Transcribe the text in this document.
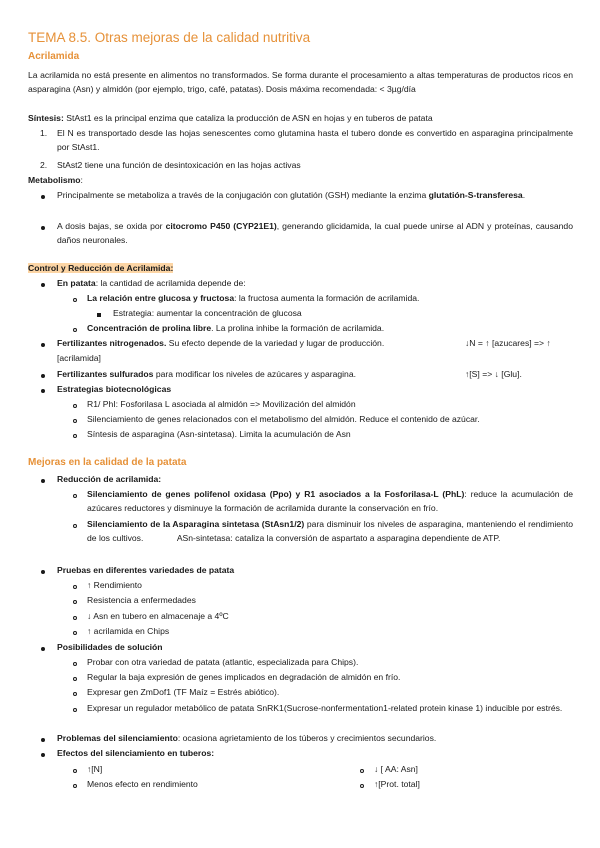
TEMA 8.5. Otras mejoras de la calidad nutritiva
Acrilamida
La acrilamida no está presente en alimentos no transformados. Se forma durante el procesamiento a altas temperaturas de productos ricos en asparagina (Asn) y almidón (por ejemplo, trigo, café, patatas). Dosis máxima recomendada: < 3µg/día
Síntesis: StAst1 es la principal enzima que cataliza la producción de ASN en hojas y en tuberos de patata
1. El N es transportado desde las hojas senescentes como glutamina hasta el tubero donde es convertido en asparagina principalmente por StAst1.
2. StAst2 tiene una función de desintoxicación en las hojas activas
Metabolismo:
Principalmente se metaboliza a través de la conjugación con glutatión (GSH) mediante la enzima glutatión-S-transferesa.
A dosis bajas, se oxida por citocromo P450 (CYP21E1), generando glicidamida, la cual puede unirse al ADN y proteínas, causando daños neuronales.
Control y Reducción de Acrilamida:
En patata: la cantidad de acrilamida depende de:
La relación entre glucosa y fructosa: la fructosa aumenta la formación de acrilamida.
Estrategia: aumentar la concentración de glucosa
Concentración de prolina libre. La prolina inhibe la formación de acrilamida.
Fertilizantes nitrogenados. Su efecto depende de la variedad y lugar de producción.	↓N = ↑ [azucares] => ↑
[acrilamida]
Fertilizantes sulfurados para modificar los niveles de azúcares y asparagina.	↑[S] => ↓ [Glu].
Estrategias biotecnológicas
R1/ PhI: Fosforilasa L asociada al almidón => Movilización del almidón
Silenciamiento de genes relacionados con el metabolismo del almidón. Reduce el contenido de azúcar.
Síntesis de asparagina (Asn-sintetasa). Limita la acumulación de Asn
Mejoras en la calidad de la patata
Reducción de acrilamida:
Silenciamiento de genes polifenol oxidasa (Ppo) y R1 asociados a la Fosforilasa-L (PhL): reduce la acumulación de azúcares reductores y disminuye la formación de acrilamida durante la conservación en frío.
Silenciamiento de la Asparagina sintetasa (StAsn1/2) para disminuir los niveles de asparagina, manteniendo el rendimiento de los cultivos.	ASn-sintetasa: cataliza la conversión de aspartato a asparagina dependiente de ATP.
Pruebas en diferentes variedades de patata
↑ Rendimiento
Resistencia a enfermedades
↓ Asn en tubero en almacenaje a 4ºC
↑ acrilamida en Chips
Posibilidades de solución
Probar con otra variedad de patata (atlantic, especializada para Chips).
Regular la baja expresión de genes implicados en degradación de almidón en frío.
Expresar gen ZmDof1 (TF Maíz = Estrés abiótico).
Expresar un regulador metabólico de patata SnRK1(Sucrose-nonfermentation1-related protein kinase 1) inducible por estrés.
Problemas del silenciamiento: ocasiona agrietamiento de los túberos y crecimientos secundarios.
Efectos del silenciamiento en tuberos:
↑[N]	↓ [ AA: Asn]
Menos efecto en rendimiento	↑[Prot. total]
